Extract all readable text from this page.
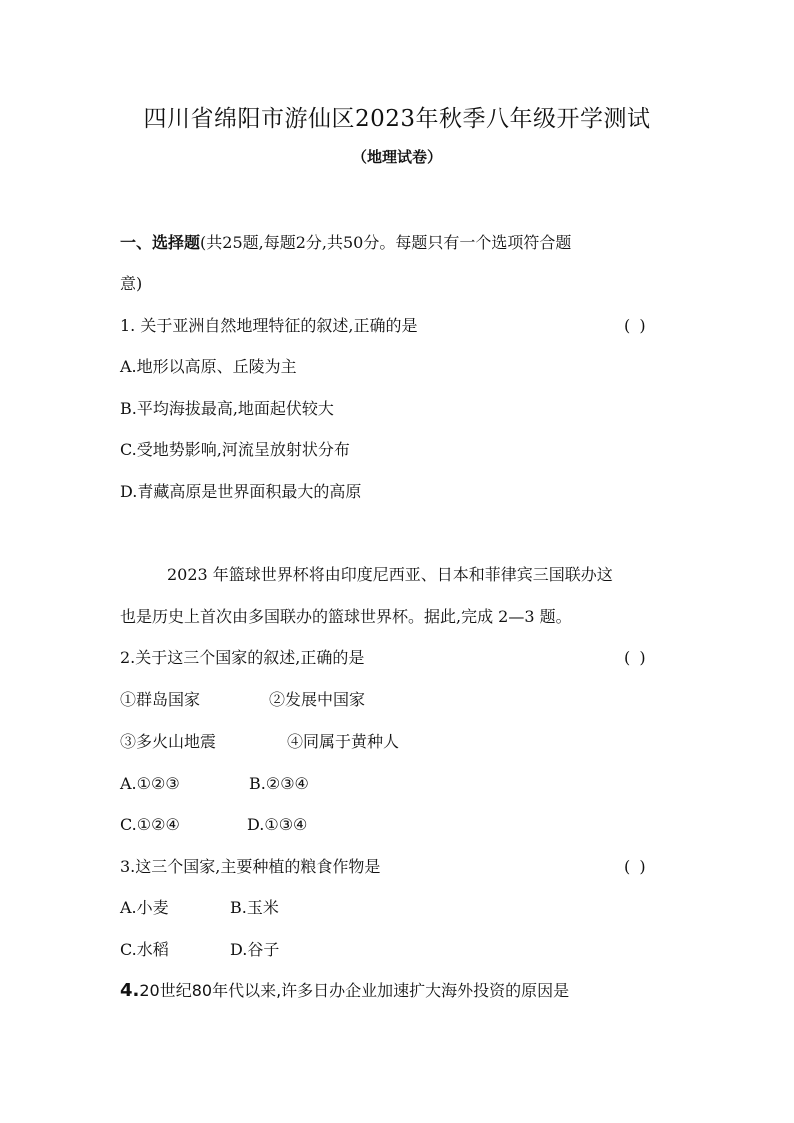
四川省绵阳市游仙区2023年秋季八年级开学测试
（地理试卷）
一、选择题(共25题,每题2分,共50分。每题只有一个选项符合题
意)
1. 关于亚洲自然地理特征的叙述,正确的是	( )
A.地形以高原、丘陵为主
B.平均海拔最高,地面起伏较大
C.受地势影响,河流呈放射状分布
D.青藏高原是世界面积最大的高原
2023 年篮球世界杯将由印度尼西亚、日本和菲律宾三国联办这
也是历史上首次由多国联办的篮球世界杯。据此,完成 2—3 题。
2.关于这三个国家的叙述,正确的是	( )
①群岛国家	②发展中国家
③多火山地震	④同属于黄种人
A.①②③	B.②③④
C.①②④	D.①③④
3.这三个国家,主要种植的粮食作物是	( )
A.小麦	B.玉米
C.水稻	D.谷子
4.20世纪80年代以来,许多日办企业加速扩大海外投资的原因是
